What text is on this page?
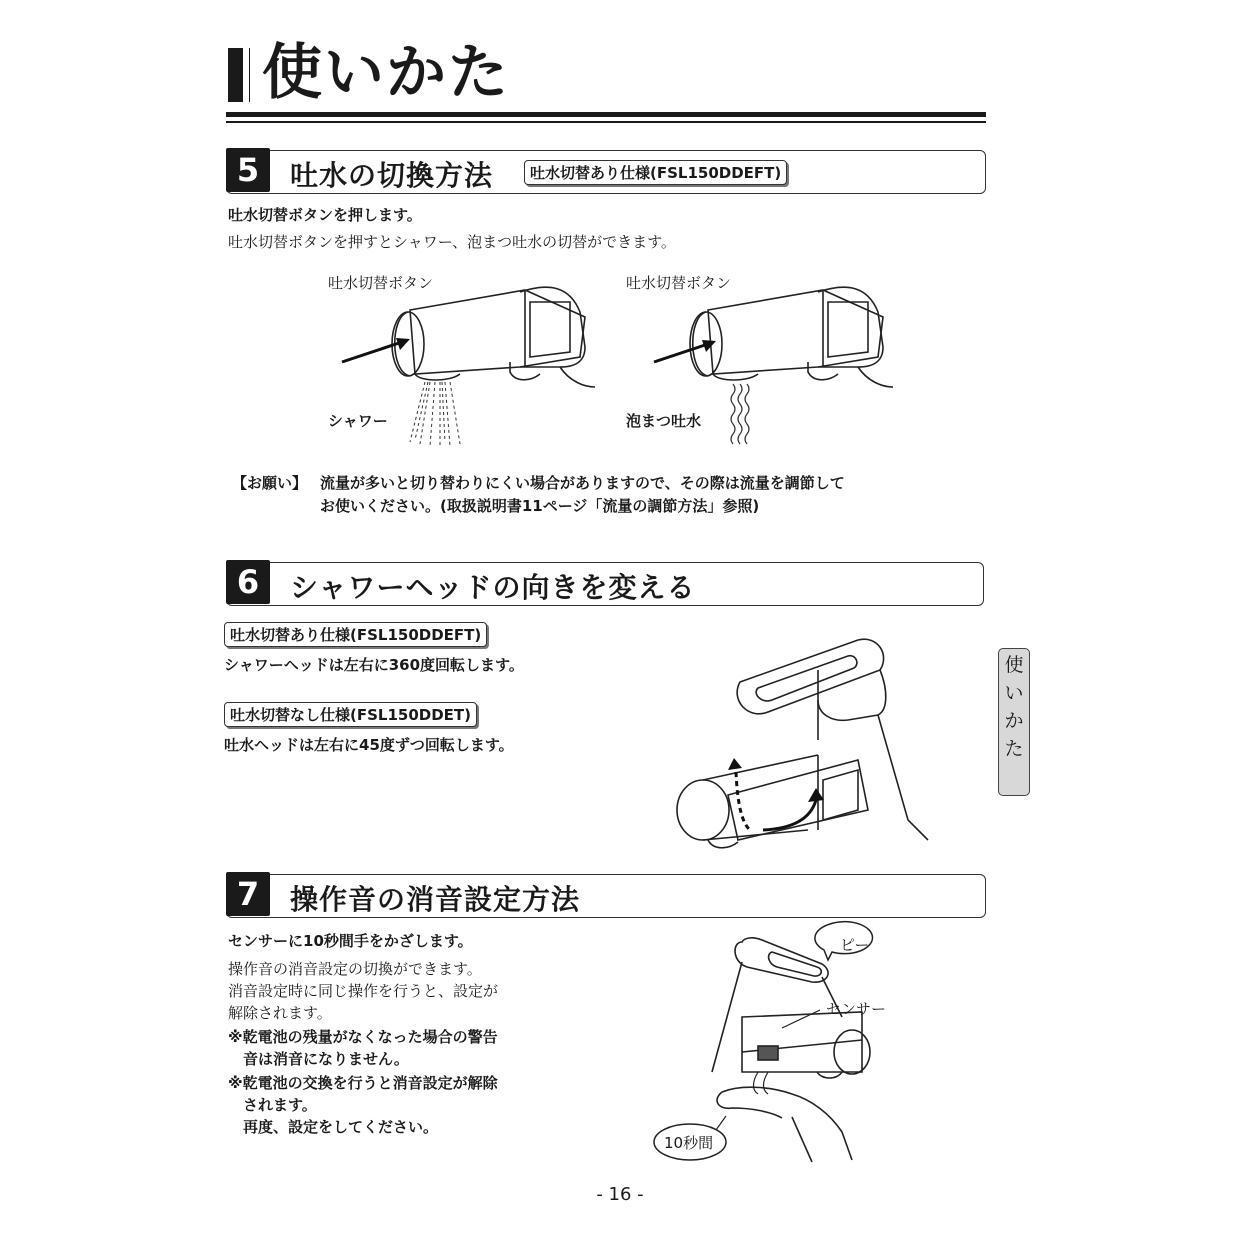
使いかた
5	吐水の切換方法	吐水切替あり仕様(FSL150DDEFT)
吐水切替ボタンを押します。
吐水切替ボタンを押すとシャワー、泡まつ吐水の切替ができます。
吐水切替ボタン
シャワー
吐水切替ボタン
泡まつ吐水
【お願い】 流量が多いと切り替わりにくい場合がありますので、その際は流量を調節して
お使いください。(取扱説明書11ページ「流量の調節方法」参照)
6	シャワーヘッドの向きを変える
吐水切替あり仕様(FSL150DDEFT)
シャワーヘッドは左右に360度回転します。
吐水切替なし仕様(FSL150DDET)
吐水ヘッドは左右に45度ずつ回転します。
使
い
か
た
7	操作音の消音設定方法
センサーに10秒間手をかざします。
操作音の消音設定の切換ができます。
消音設定時に同じ操作を行うと、設定が
解除されます。
※乾電池の残量がなくなった場合の警告
　音は消音になりません。
※乾電池の交換を行うと消音設定が解除
　されます。
　再度、設定をしてください。
ピー
センサー
10秒間
- 16 -
